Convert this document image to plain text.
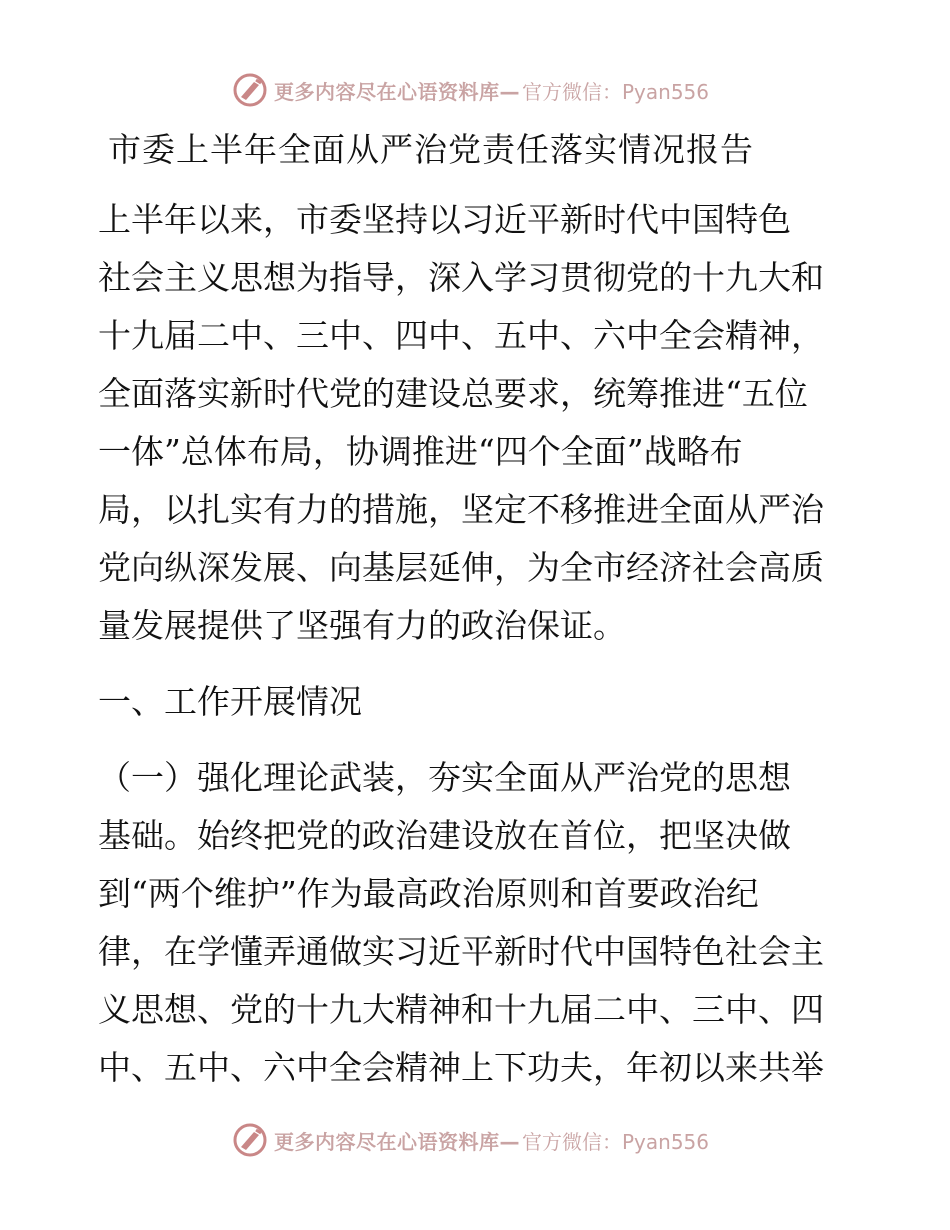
更多内容尽在心语资料库— 官方微信：Pyan556
市委上半年全面从严治党责任落实情况报告
上半年以来，市委坚持以习近平新时代中国特色
社会主义思想为指导，深入学习贯彻党的十九大和
十九届二中、三中、四中、五中、六中全会精神，
全面落实新时代党的建设总要求，统筹推进“五位
一体”总体布局，协调推进“四个全面”战略布
局，以扎实有力的措施，坚定不移推进全面从严治
党向纵深发展、向基层延伸，为全市经济社会高质
量发展提供了坚强有力的政治保证。
一、工作开展情况
（一）强化理论武装，夯实全面从严治党的思想
基础。始终把党的政治建设放在首位，把坚决做
到“两个维护”作为最高政治原则和首要政治纪
律，在学懂弄通做实习近平新时代中国特色社会主
义思想、党的十九大精神和十九届二中、三中、四
中、五中、六中全会精神上下功夫，年初以来共举
更多内容尽在心语资料库— 官方微信：Pyan556
